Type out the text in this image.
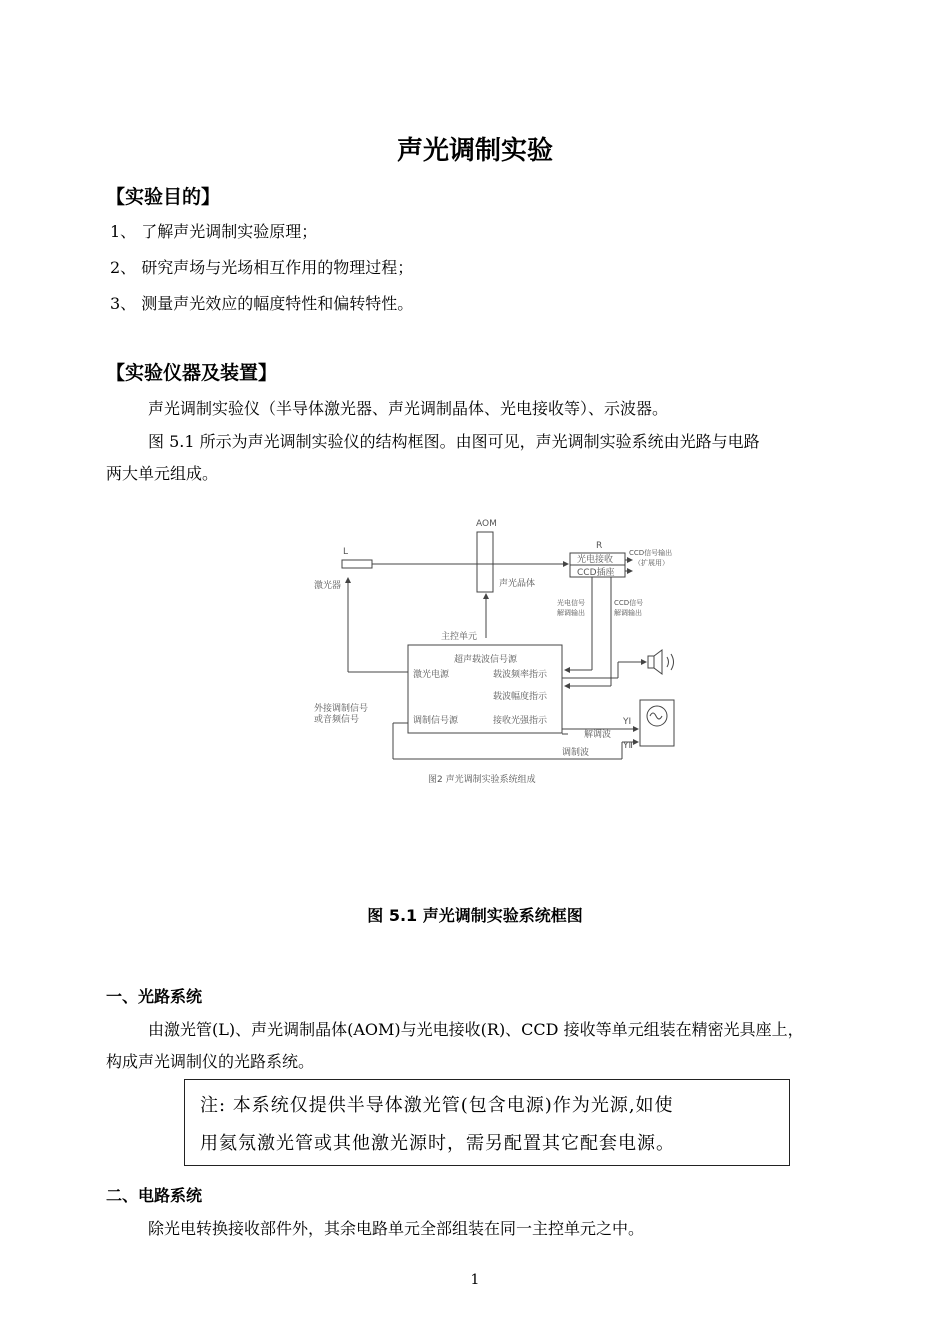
声光调制实验
【实验目的】
1、 了解声光调制实验原理；
2、 研究声场与光场相互作用的物理过程；
3、 测量声光效应的幅度特性和偏转特性。
【实验仪器及装置】
声光调制实验仪（半导体激光器、声光调制晶体、光电接收等）、示波器。
图 5.1 所示为声光调制实验仪的结构框图。由图可见，声光调制实验系统由光路与电路
两大单元组成。
AOM
L
R
激光器	声光晶体
光电接收
CCD插座
CCD信号输出
（扩展用）
光电信号
解调输出
CCD信号
解调输出
主控单元
超声载波信号源
激光电源	载波频率指示
载波幅度指示
外接调制信号
或音频信号	调制信号源	接收光强指示	YⅠ
YⅡ
解调波
调制波
图2 声光调制实验系统组成
图 5.1 声光调制实验系统框图
一、光路系统
由激光管(L)、声光调制晶体(AOM)与光电接收(R)、CCD 接收等单元组装在精密光具座上，
构成声光调制仪的光路系统。
注: 本系统仅提供半导体激光管(包含电源)作为光源,如使
用氦氖激光管或其他激光源时，需另配置其它配套电源。
二、电路系统
除光电转换接收部件外，其余电路单元全部组装在同一主控单元之中。
1
